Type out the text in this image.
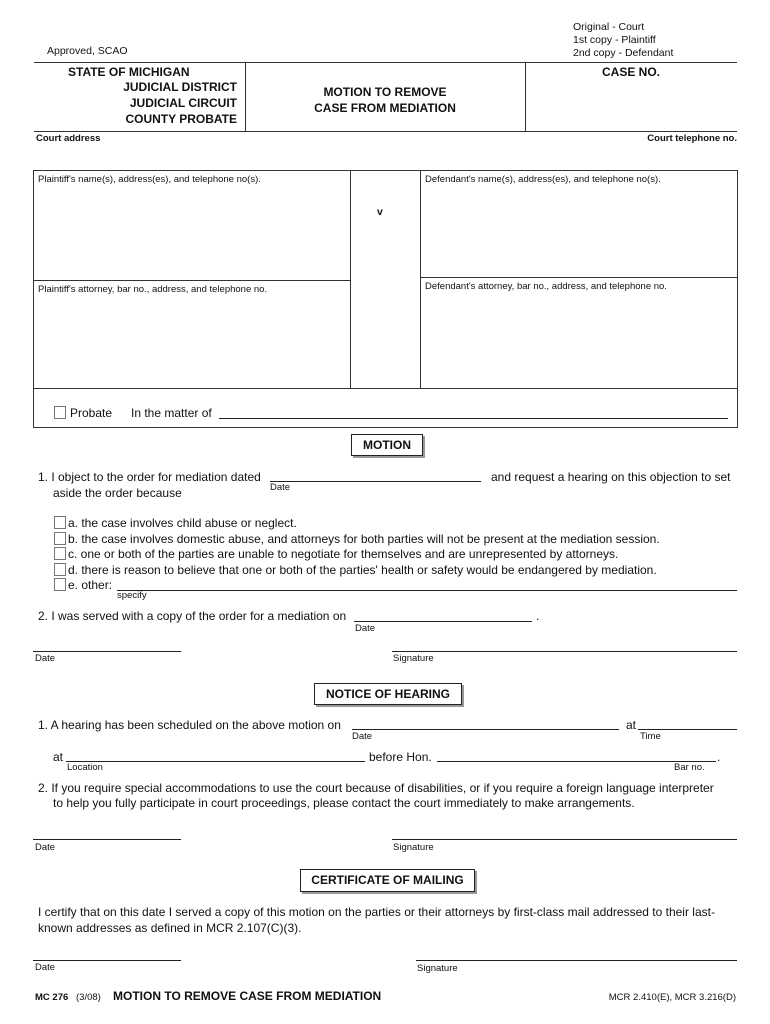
Original - Court
1st copy - Plaintiff
2nd copy - Defendant
Approved, SCAO
STATE OF MICHIGAN
JUDICIAL DISTRICT
JUDICIAL CIRCUIT
COUNTY PROBATE
MOTION TO REMOVE
CASE FROM MEDIATION
CASE NO.
Court address	Court telephone no.
Plaintiff's name(s), address(es), and telephone no(s).
v
Defendant's name(s), address(es), and telephone no(s).
Plaintiff's attorney, bar no., address, and telephone no.	Defendant's attorney, bar no., address, and telephone no.
Probate In the matter of
MOTION
1. I object to the order for mediation dated
Date
and request a hearing on this objection to set
aside the order because
a. the case involves child abuse or neglect.
b. the case involves domestic abuse, and attorneys for both parties will not be present at the mediation session.
c. one or both of the parties are unable to negotiate for themselves and are unrepresented by attorneys.
d. there is reason to believe that one or both of the parties' health or safety would be endangered by mediation.
e. other:
specify
2. I was served with a copy of the order for a mediation on
Date
.
Date	Signature
NOTICE OF HEARING
1. A hearing has been scheduled on the above motion on
Date
at
Time
at
Location
before Hon.	.
Bar no.
2. If you require special accommodations to use the court because of disabilities, or if you require a foreign language interpreter
to help you fully participate in court proceedings, please contact the court immediately to make arrangements.
Date	Signature
CERTIFICATE OF MAILING
I certify that on this date I served a copy of this motion on the parties or their attorneys by first-class mail addressed to their last-
known addresses as defined in MCR 2.107(C)(3).
Date	Signature
MC 276 (3/08) MOTION TO REMOVE CASE FROM MEDIATION	MCR 2.410(E), MCR 3.216(D)
